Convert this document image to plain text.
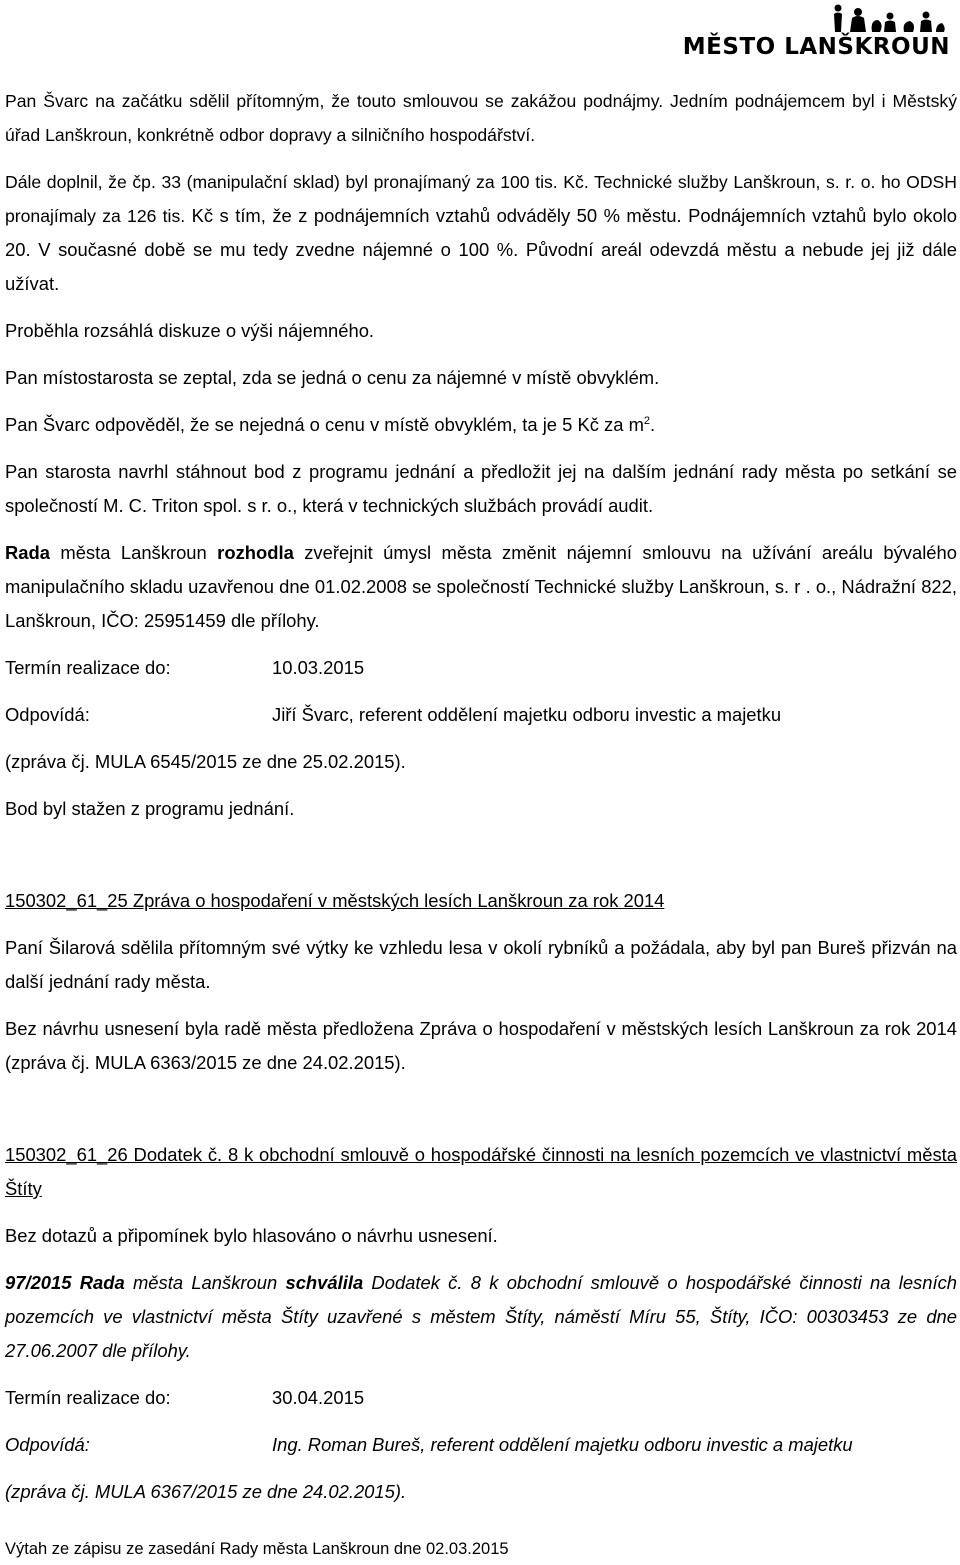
MĚSTO LANŠKROUN

Pan Švarc na začátku sdělil přítomným, že touto smlouvou se zakážou podnájmy. Jedním podnájemcem byl i Městský úřad Lanškroun, konkrétně odbor dopravy a silničního hospodářství.

Dále doplnil, že čp. 33 (manipulační sklad) byl pronajímaný za 100 tis. Kč. Technické služby Lanškroun, s. r. o. ho ODSH pronajímaly za 126 tis. Kč s tím, že z podnájemních vztahů odváděly 50 % městu. Podnájemních vztahů bylo okolo 20. V současné době se mu tedy zvedne nájemné o 100 %. Původní areál odevzdá městu a nebude jej již dále užívat.

Proběhla rozsáhlá diskuze o výši nájemného.

Pan místostarosta se zeptal, zda se jedná o cenu za nájemné v místě obvyklém.

Pan Švarc odpověděl, že se nejedná o cenu v místě obvyklém, ta je 5 Kč za $m^2$.

Pan starosta navrhl stáhnout bod z programu jednání a předložit jej na dalším jednání rady města po setkání se společností M. C. Triton spol. s r. o., která v technických službách provádí audit.

Rada města Lanškroun rozhodla zveřejnit úmysl města změnit nájemní smlouvu na užívání areálu bývalého manipulačního skladu uzavřenou dne 01.02.2008 se společností Technické služby Lanškroun, s. r . o., Nádražní 822, Lanškroun, IČO: 25951459 dle přílohy.

Termín realizace do:	10.03.2015
Odpovídá:	Jiří Švarc, referent oddělení majetku odboru investic a majetku

(zpráva čj. MULA 6545/2015 ze dne 25.02.2015).

Bod byl stažen z programu jednání.

150302_61_25 Zpráva o hospodaření v městských lesích Lanškroun za rok 2014

Paní Šilarová sdělila přítomným své výtky ke vzhledu lesa v okolí rybníků a požádala, aby byl pan Bureš přizván na další jednání rady města.

Bez návrhu usnesení byla radě města předložena Zpráva o hospodaření v městských lesích Lanškroun za rok 2014 (zpráva čj. MULA 6363/2015 ze dne 24.02.2015).

150302_61_26 Dodatek č. 8 k obchodní smlouvě o hospodářské činnosti na lesních pozemcích ve vlastnictví města Štíty

Bez dotazů a připomínek bylo hlasováno o návrhu usnesení.

97/2015 Rada města Lanškroun schválila Dodatek č. 8 k obchodní smlouvě o hospodářské činnosti na lesních pozemcích ve vlastnictví města Štíty uzavřené s městem Štíty, náměstí Míru 55, Štíty, IČO: 00303453 ze dne 27.06.2007 dle přílohy.

Termín realizace do:	30.04.2015
Odpovídá:	Ing. Roman Bureš, referent oddělení majetku odboru investic a majetku

(zpráva čj. MULA 6367/2015 ze dne 24.02.2015).

Výtah ze zápisu ze zasedání Rady města Lanškroun dne 02.03.2015
